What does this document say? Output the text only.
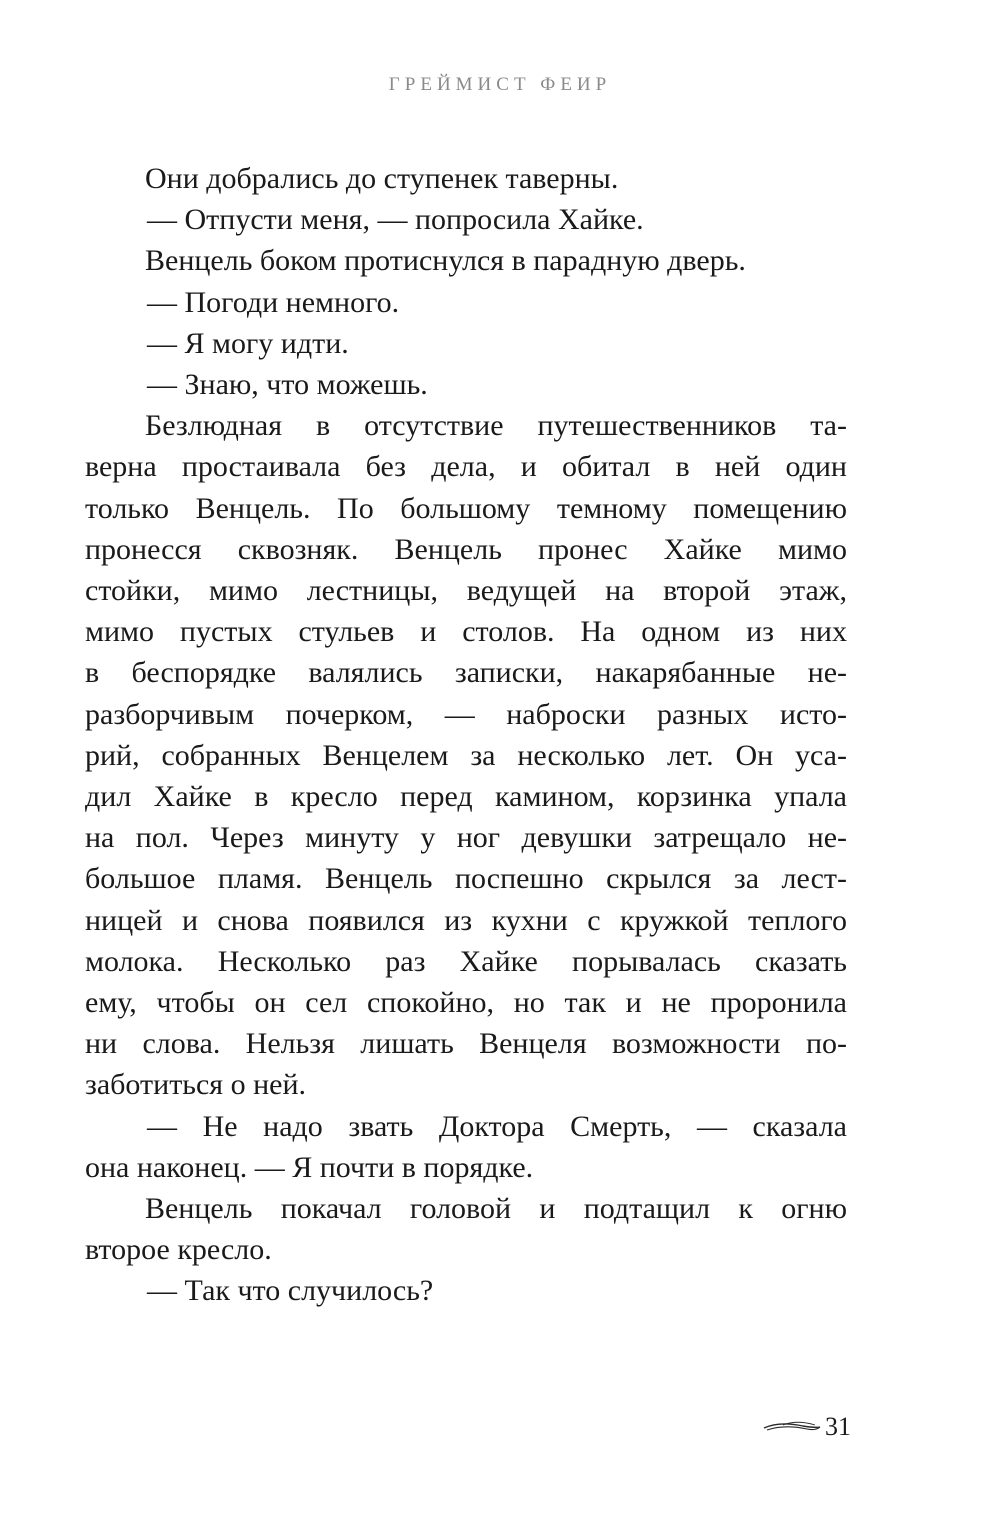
ГРЕЙМИСТ ФЕИР
Они добрались до ступенек таверны.
— Отпусти меня, — попросила Хайке.
Венцель боком протиснулся в парадную дверь.
— Погоди немного.
— Я могу идти.
— Знаю, что можешь.
Безлюдная в отсутствие путешественников та-
верна простаивала без дела, и обитал в ней один
только Венцель. По большому темному помещению
пронесся сквозняк. Венцель пронес Хайке мимо
стойки, мимо лестницы, ведущей на второй этаж,
мимо пустых стульев и столов. На одном из них
в беспорядке валялись записки, накарябанные не-
разборчивым почерком, — наброски разных исто-
рий, собранных Венцелем за несколько лет. Он уса-
дил Хайке в кресло перед камином, корзинка упала
на пол. Через минуту у ног девушки затрещало не-
большое пламя. Венцель поспешно скрылся за лест-
ницей и снова появился из кухни с кружкой теплого
молока. Несколько раз Хайке порывалась сказать
ему, чтобы он сел спокойно, но так и не проронила
ни слова. Нельзя лишать Венцеля возможности по-
заботиться о ней.
— Не надо звать Доктора Смерть, — сказала
она наконец. — Я почти в порядке.
Венцель покачал головой и подтащил к огню
второе кресло.
— Так что случилось?
31
